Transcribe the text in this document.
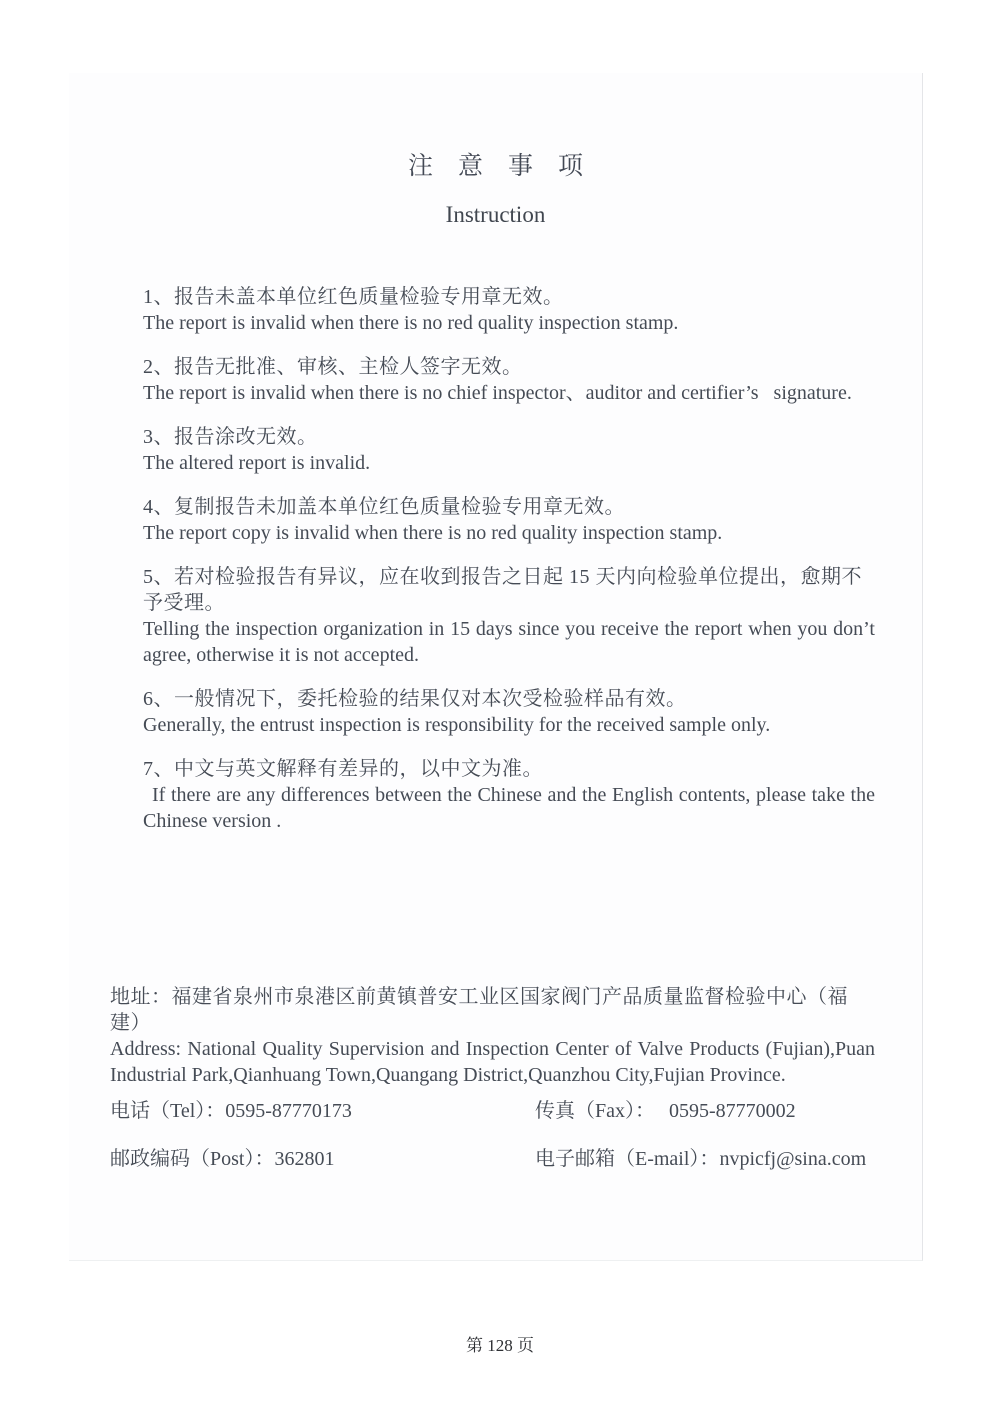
注　意　事　项
Instruction

1、报告未盖本单位红色质量检验专用章无效。

The report is invalid when there is no red quality inspection stamp.

2、报告无批准、审核、主检人签字无效。

The report is invalid when there is no chief inspector、auditor and certifier’s   signature.

3、报告涂改无效。

The altered report is invalid.

4、复制报告未加盖本单位红色质量检验专用章无效。

The report copy is invalid when there is no red quality inspection stamp.

5、若对检验报告有异议，应在收到报告之日起 15 天内向检验单位提出，愈期不予受理。

Telling the inspection organization in 15 days since you receive the report when you don’t agree, otherwise it is not accepted.

6、一般情况下，委托检验的结果仅对本次受检验样品有效。

Generally, the entrust inspection is responsibility for the received sample only.

7、中文与英文解释有差异的，以中文为准。

If there are any differences between the Chinese and the English contents, please take the Chinese version .

地址：福建省泉州市泉港区前黄镇普安工业区国家阀门产品质量监督检验中心（福建）

Address: National Quality Supervision and Inspection Center of Valve Products (Fujian),Puan Industrial Park,Qianhuang Town,Quangang District,Quanzhou City,Fujian Province.

电话（Tel）：0595-87770173	传真（Fax）： 0595-87770002

邮政编码（Post）：362801	电子邮箱（E-mail）：nvpicfj@sina.com

第 128 页
